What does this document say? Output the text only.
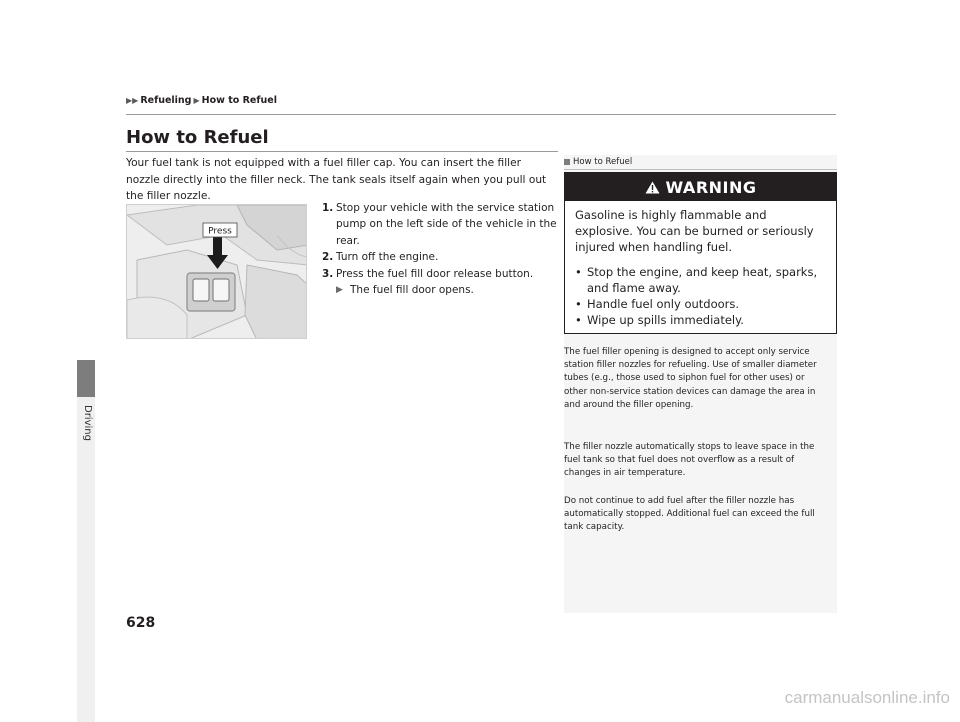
Driving
▶▶ Refueling ▶ How to Refuel
How to Refuel

Your fuel tank is not equipped with a fuel filler cap. You can insert the filler nozzle directly into the filler neck. The tank seals itself again when you pull out the filler nozzle.

Press
1. Stop your vehicle with the service station pump on the left side of the vehicle in the rear.
2. Turn off the engine.
3. Press the fuel fill door release button.
▶ The fuel fill door opens.
How to Refuel
WARNING

Gasoline is highly flammable and explosive. You can be burned or seriously injured when handling fuel.

• Stop the engine, and keep heat, sparks, and flame away.
• Handle fuel only outdoors.
• Wipe up spills immediately.

The fuel filler opening is designed to accept only service station filler nozzles for refueling. Use of smaller diameter tubes (e.g., those used to siphon fuel for other uses) or other non-service station devices can damage the area in and around the filler opening.

The filler nozzle automatically stops to leave space in the fuel tank so that fuel does not overflow as a result of changes in air temperature.

Do not continue to add fuel after the filler nozzle has automatically stopped. Additional fuel can exceed the full tank capacity.

628
carmanualsonline.info
